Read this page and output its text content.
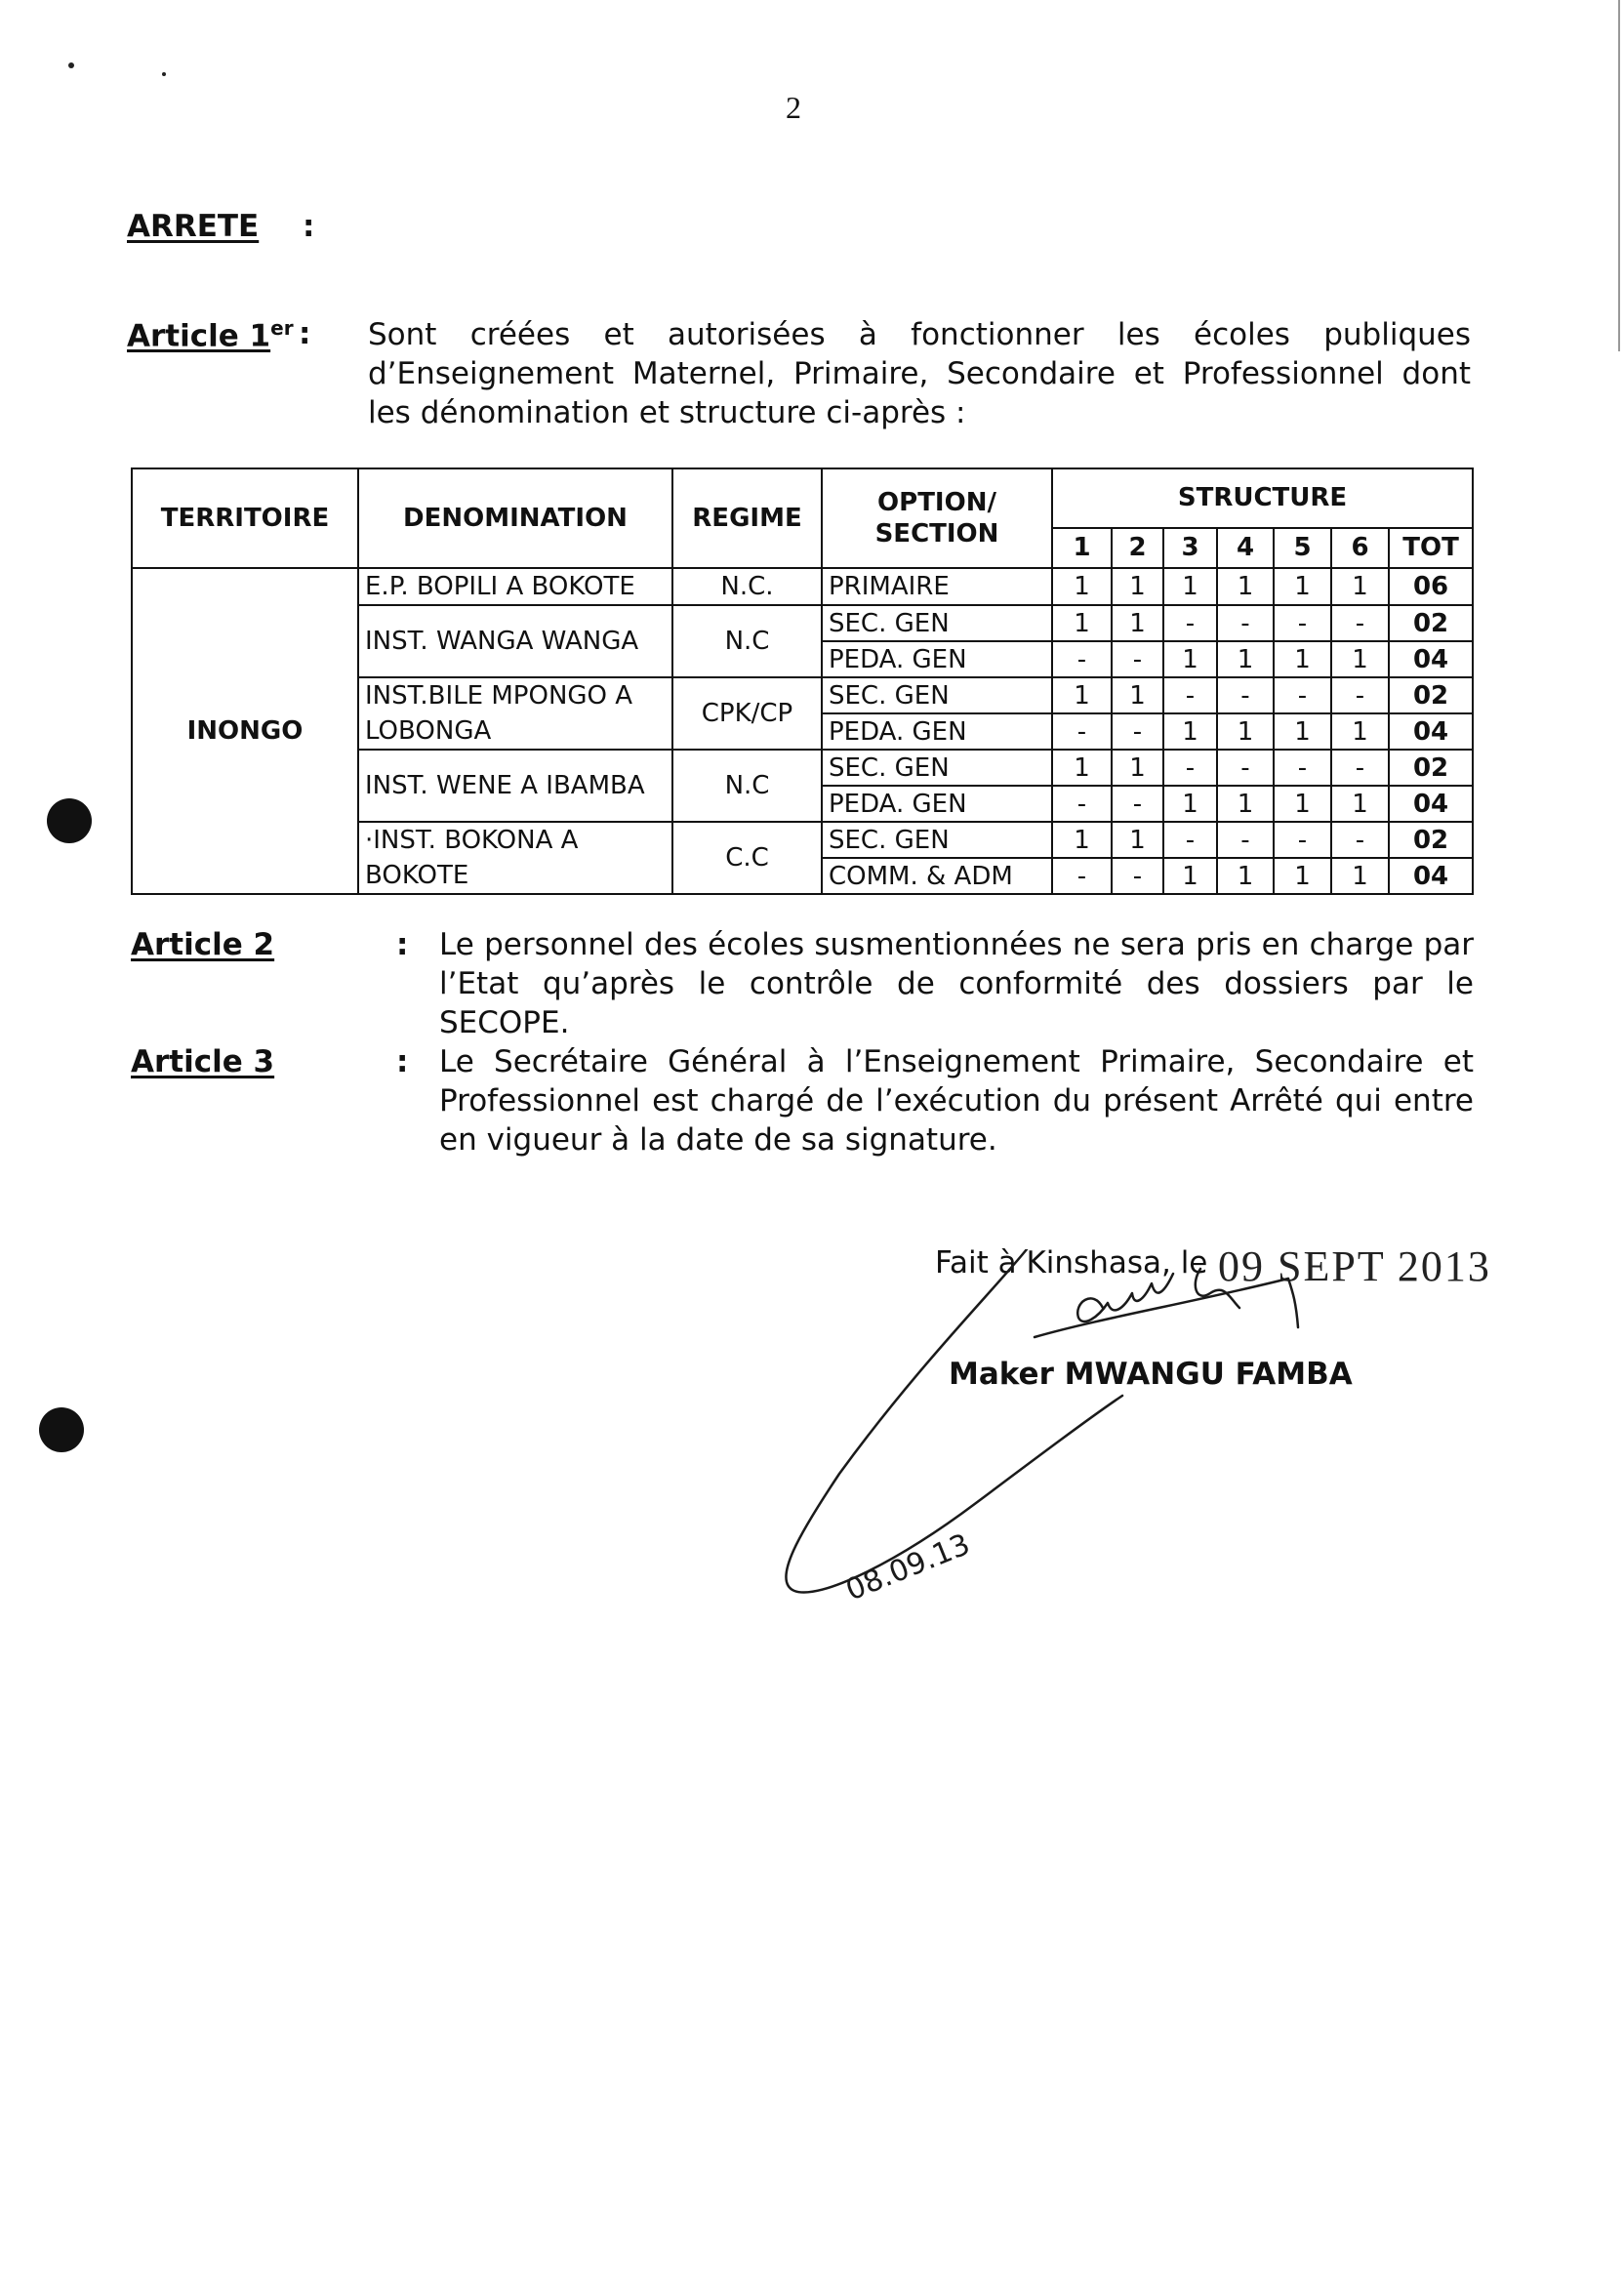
2
ARRETE :
Article 1er : Sont créées et autorisées à fonctionner les écoles publiques d’Enseignement Maternel, Primaire, Secondaire et Professionnel dont les dénomination et structure ci-après :
TERRITOIRE	DENOMINATION	REGIME	OPTION/ SECTION	STRUCTURE						
				1	2	3	4	5	6	TOT
INONGO	E.P. BOPILI A BOKOTE	N.C.	PRIMAIRE	1	1	1	1	1	1	06
	INST. WANGA WANGA	N.C	SEC. GEN	1	1	-	-	-	-	02
			PEDA. GEN	-	-	1	1	1	1	04
	INST.BILE MPONGO A LOBONGA	CPK/CP	SEC. GEN	1	1	-	-	-	-	02
			PEDA. GEN	-	-	1	1	1	1	04
	INST. WENE A IBAMBA	N.C	SEC. GEN	1	1	-	-	-	-	02
			PEDA. GEN	-	-	1	1	1	1	04
	·INST. BOKONA A BOKOTE	C.C	SEC. GEN	1	1	-	-	-	-	02
			COMM. & ADM	-	-	1	1	1	1	04
Article 2	: Le personnel des écoles susmentionnées ne sera pris en charge par l’Etat qu’après le contrôle de conformité des dossiers par le SECOPE.
Article 3	: Le Secrétaire Général à l’Enseignement Primaire, Secondaire et Professionnel est chargé de l’exécution du présent Arrêté qui entre en vigueur à la date de sa signature.
Fait à Kinshasa, le 09 SEPT 2013
Maker MWANGU FAMBA
08.09.13
